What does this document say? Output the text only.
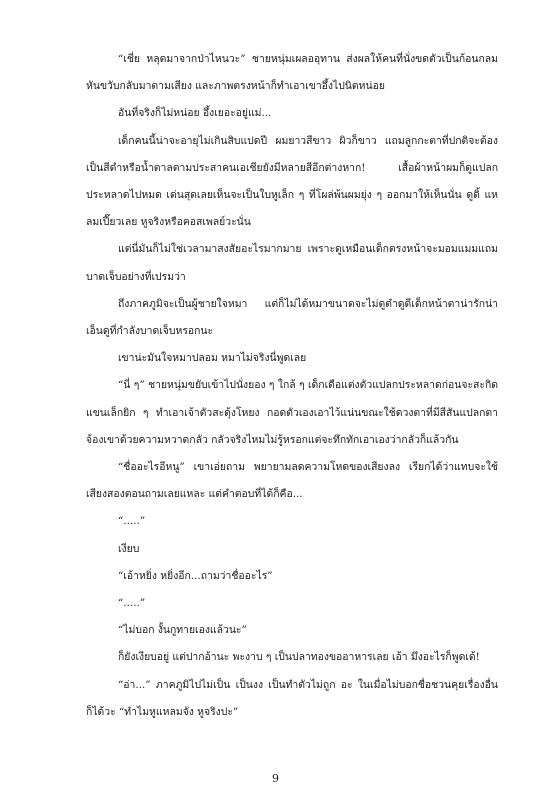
“เชี่ย หลุดมาจากป่าไหนวะ” ชายหนุ่มเผลออุทาน ส่งผลให้คนที่นั่งขดตัวเป็นก้อนกลมหันขวับกลับมาตามเสียง และภาพตรงหน้าก็ทำเอาเขาอึ้งไปนิดหน่อย

อันที่จริงก็ไม่หน่อย อึ้งเยอะอยู่แม่...

เด็กคนนี้น่าจะอายุไม่เกินสิบแปดปี ผมยาวสีขาว ผิวก็ขาว แถมลูกกะตาที่ปกติจะต้องเป็นสีดำหรือน้ำตาลตามประสาคนเอเชียยังมีหลายสีอีกต่างหาก! เสื้อผ้าหน้าผมก็ดูแปลกประหลาดไปหมด เด่นสุดเลยเห็นจะเป็นใบหูเล็ก ๆ ที่โผล่พ้นผมยุ่ง ๆ ออกมาให้เห็นนั่น ดูดิ้ แหลมเปี๊ยวเลย หูจริงหรือคอสเพลย์วะนั่น

แต่นี่มันก็ไม่ใช่เวลามาสงสัยอะไรมากมาย เพราะดูเหมือนเด็กตรงหน้าจะมอมแมมแถมบาดเจ็บอย่างที่เปรมว่า

ถึงภาคภูมิจะเป็นผู้ชายใจหมา แต่ก็ไม่ได้หมาขนาดจะไม่ดูดำดูดีเด็กหน้าตาน่ารักน่าเอ็นดูที่กำลังบาดเจ็บหรอกนะ

เขาน่ะมันใจหมาปลอม หมาไม่จริงนี่พูดเลย

“นี่ ๆ” ชายหนุ่มขยับเข้าไปนั่งยอง ๆ ใกล้ ๆ เด็กเดือแต่งตัวแปลกประหลาดก่อนจะสะกิดแขนเล็กยิก ๆ ทำเอาเจ้าตัวสะดุ้งโหยง กอดตัวเองเอาไว้แน่นขณะใช้ดวงตาที่มีสีสันแปลกตาจ้องเขาด้วยความหวาดกลัว กลัวจริงไหมไม่รู้หรอกแต่จะทึกทักเอาเองว่ากลัวก็แล้วกัน

“ชื่ออะไรอีหนู” เขาเอ่ยถาม พยายามลดความโหดของเสียงลง เรียกได้ว่าแทบจะใช้เสียงสองตอนถามเลยแหละ แต่คำตอบที่ได้ก็คือ...

“.....”

เงียบ

“เอ้าหยิ่ง หยิ่งอีก...ถามว่าชื่ออะไร”

“.....”

“ไม่บอก งั้นกูทายเองแล้วนะ”

ก็ยังเงียบอยู่ แต่ปากอ้านะ พะงาบ ๆ เป็นปลาทองขออาหารเลย เอ้า มึงอะไรก็พูดเด้!

“อ่า...” ภาคภูมิไปไม่เป็น เป็นงง เป็นทำตัวไม่ถูก อะ ในเมื่อไม่บอกชื่อชวนคุยเรื่องอื่นก็ได้วะ “ทำไมหูแหลมจัง หูจริงปะ”

9
